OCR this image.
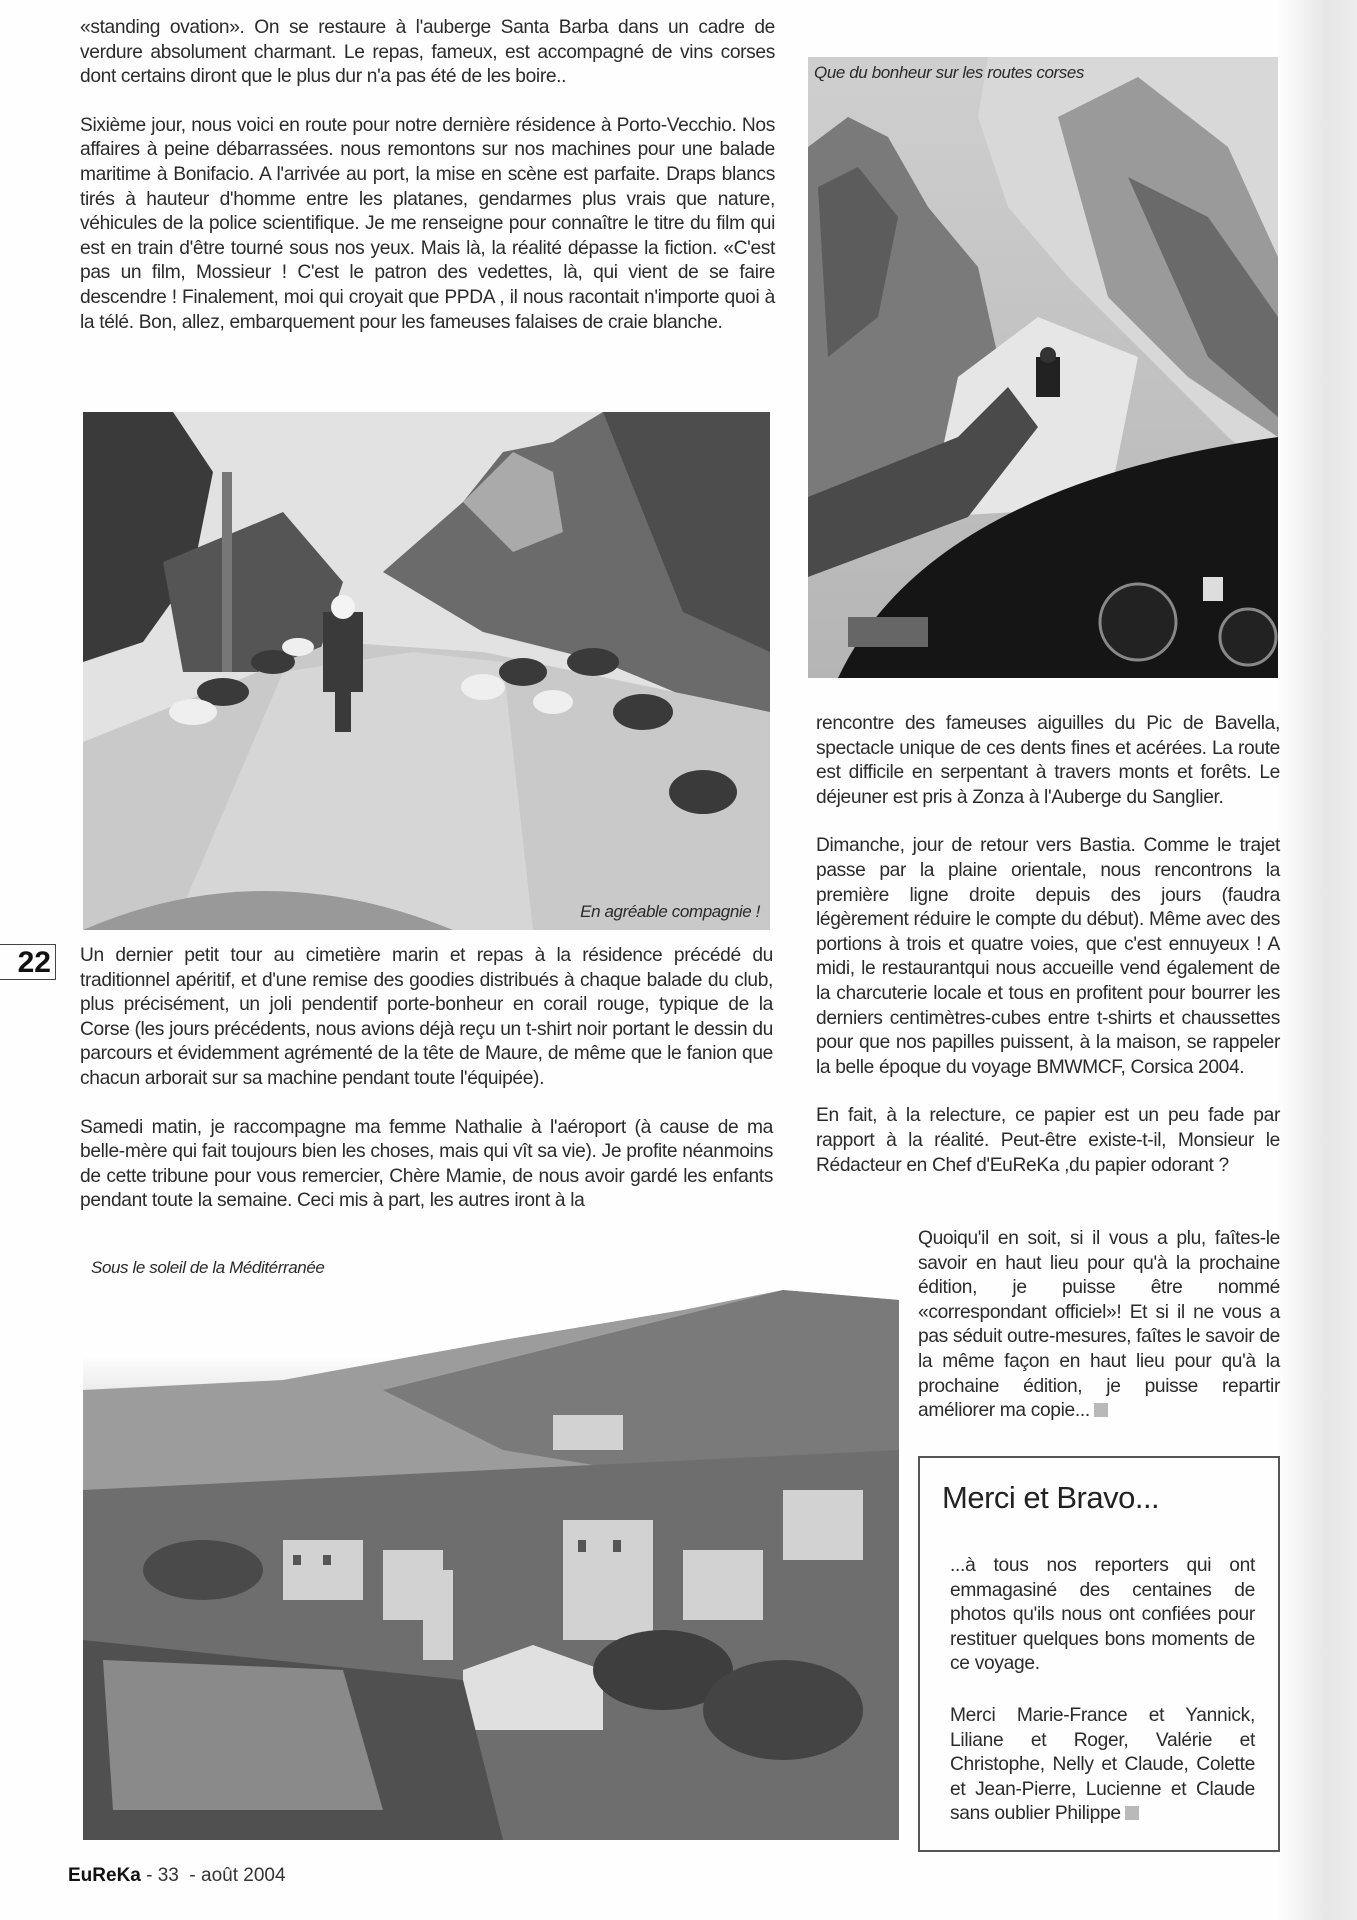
«standing ovation». On se restaure à l'auberge Santa Barba dans un cadre de verdure absolument charmant. Le repas, fameux, est accompagné de vins corses dont certains diront que le plus dur n'a pas été de les boire..

Sixième jour, nous voici en route pour notre dernière résidence à Porto-Vecchio. Nos affaires à peine débarrassées. nous remontons sur nos machines pour une balade maritime à Bonifacio. A l'arrivée au port, la mise en scène est parfaite. Draps blancs tirés à hauteur d'homme entre les platanes, gendarmes plus vrais que nature, véhicules de la police scientifique. Je me renseigne pour connaître le titre du film qui est en train d'être tourné sous nos yeux. Mais là, la réalité dépasse la fiction. «C'est pas un film, Mossieur ! C'est le patron des vedettes, là, qui vient de se faire descendre ! Finalement, moi qui croyait que PPDA , il nous racontait n'importe quoi à la télé. Bon, allez, embarquement pour les fameuses falaises de craie blanche.

Que du bonheur sur les routes corses
En agréable compagnie !
22 Un dernier petit tour au cimetière marin et repas à la résidence précédé du traditionnel apéritif, et d'une remise des goodies distribués à chaque balade du club, plus précisément, un joli pendentif porte-bonheur en corail rouge, typique de la Corse (les jours précédents, nous avions déjà reçu un t-shirt noir portant le dessin du parcours et évidemment agrémenté de la tête de Maure, de même que le fanion que chacun arborait sur sa machine pendant toute l'équipée).

Samedi matin, je raccompagne ma femme Nathalie à l'aéroport (à cause de ma belle-mère qui fait toujours bien les choses, mais qui vît sa vie). Je profite néanmoins de cette tribune pour vous remercier, Chère Mamie, de nous avoir gardé les enfants pendant toute la semaine. Ceci mis à part, les autres iront à la

Sous le soleil de la Méditérranée

rencontre des fameuses aiguilles du Pic de Bavella, spectacle unique de ces dents fines et acérées. La route est difficile en serpentant à travers monts et forêts. Le déjeuner est pris à Zonza à l'Auberge du Sanglier.

Dimanche, jour de retour vers Bastia. Comme le trajet passe par la plaine orientale, nous rencontrons la première ligne droite depuis des jours (faudra légèrement réduire le compte du début). Même avec des portions à trois et quatre voies, que c'est ennuyeux ! A midi, le restaurantqui nous accueille vend également de la charcuterie locale et tous en profitent pour bourrer les derniers centimètres-cubes entre t-shirts et chaussettes pour que nos papilles puissent, à la maison, se rappeler la belle époque du voyage BMWMCF, Corsica 2004.

En fait, à la relecture, ce papier est un peu fade par rapport à la réalité. Peut-être existe-t-il, Monsieur le Rédacteur en Chef d'EuReKa ,du papier odorant ?

Quoiqu'il en soit, si il vous a plu, faîtes-le savoir en haut lieu pour qu'à la prochaine édition, je puisse être nommé «correspondant officiel»! Et si il ne vous a pas séduit outre-mesures, faîtes le savoir de la même façon en haut lieu pour qu'à la prochaine édition, je puisse repartir améliorer ma copie...

Merci et Bravo...
...à tous nos reporters qui ont emmagasiné des centaines de photos qu'ils nous ont confiées pour restituer quelques bons moments de ce voyage.
Merci Marie-France et Yannick, Liliane et Roger, Valérie et Christophe, Nelly et Claude, Colette et Jean-Pierre, Lucienne et Claude sans oublier Philippe
EuReKa - 33  - août 2004
